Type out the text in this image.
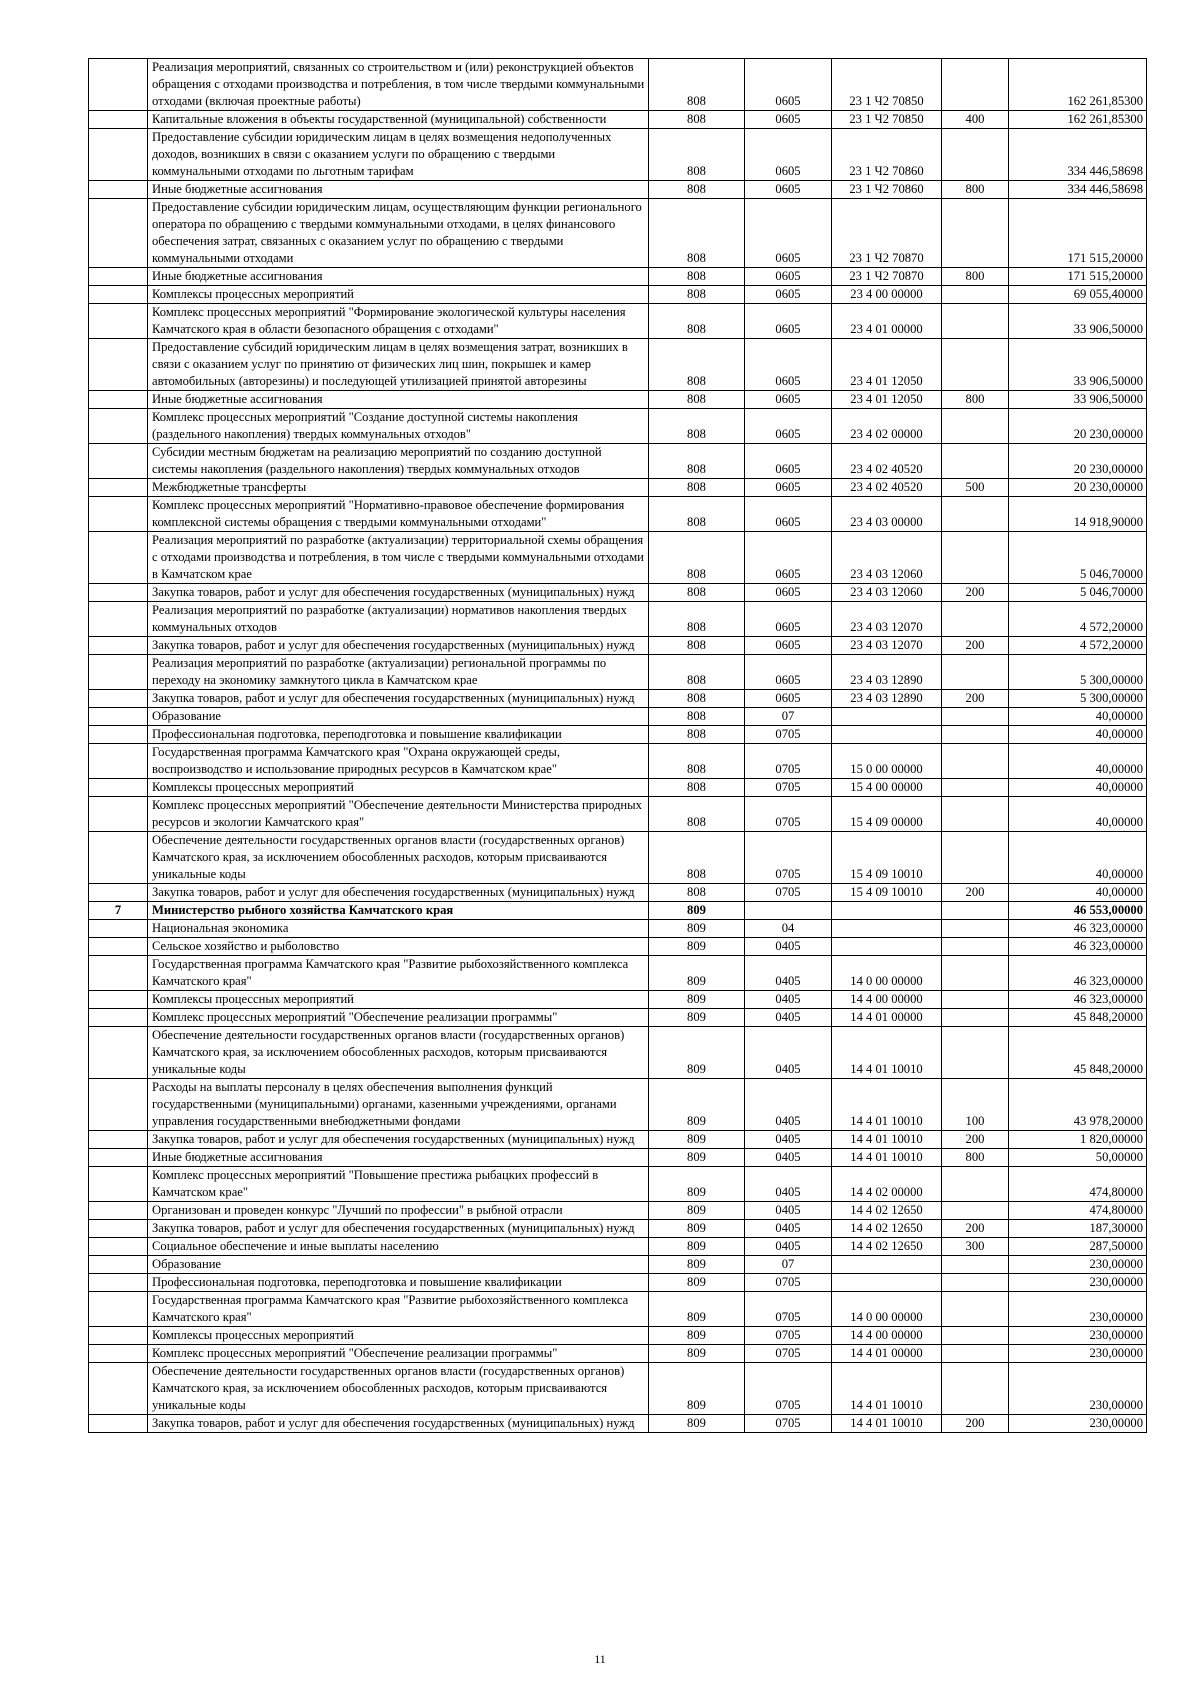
	Реализация мероприятий, связанных со строительством и (или) реконструкцией объектов обращения с отходами производства и потребления, в том числе твердыми коммунальными отходами (включая проектные работы)	808	0605	23 1 Ч2 70850		162 261,85300
	Капитальные вложения в объекты государственной (муниципальной) собственности	808	0605	23 1 Ч2 70850	400	162 261,85300
	Предоставление субсидии юридическим лицам в целях возмещения недополученных доходов, возникших в связи с оказанием услуги по обращению с твердыми коммунальными отходами по льготным тарифам	808	0605	23 1 Ч2 70860		334 446,58698
	Иные бюджетные ассигнования	808	0605	23 1 Ч2 70860	800	334 446,58698
	Предоставление субсидии юридическим лицам, осуществляющим функции регионального оператора по обращению с твердыми коммунальными отходами, в целях финансового обеспечения затрат, связанных с оказанием услуг по обращению с твердыми коммунальными отходами	808	0605	23 1 Ч2 70870		171 515,20000
	Иные бюджетные ассигнования	808	0605	23 1 Ч2 70870	800	171 515,20000
	Комплексы процессных мероприятий	808	0605	23 4 00 00000		69 055,40000
	Комплекс процессных мероприятий "Формирование экологической культуры населения Камчатского края в области безопасного обращения с отходами"	808	0605	23 4 01 00000		33 906,50000
	Предоставление субсидий юридическим лицам в целях возмещения затрат, возникших в связи с оказанием услуг по принятию от физических лиц шин, покрышек и камер автомобильных (авторезины) и последующей утилизацией принятой авторезины	808	0605	23 4 01 12050		33 906,50000
	Иные бюджетные ассигнования	808	0605	23 4 01 12050	800	33 906,50000
	Комплекс процессных мероприятий "Создание доступной системы накопления (раздельного накопления) твердых коммунальных отходов"	808	0605	23 4 02 00000		20 230,00000
	Субсидии местным бюджетам на реализацию мероприятий по созданию доступной системы накопления (раздельного накопления) твердых коммунальных отходов	808	0605	23 4 02 40520		20 230,00000
	Межбюджетные трансферты	808	0605	23 4 02 40520	500	20 230,00000
	Комплекс процессных мероприятий "Нормативно-правовое обеспечение формирования комплексной системы обращения с твердыми коммунальными отходами"	808	0605	23 4 03 00000		14 918,90000
	Реализация мероприятий по разработке (актуализации) территориальной схемы обращения с отходами производства и потребления, в том числе с твердыми коммунальными отходами в Камчатском крае	808	0605	23 4 03 12060		5 046,70000
	Закупка товаров, работ и услуг для обеспечения государственных (муниципальных) нужд	808	0605	23 4 03 12060	200	5 046,70000
	Реализация мероприятий по разработке (актуализации) нормативов накопления твердых коммунальных отходов	808	0605	23 4 03 12070		4 572,20000
	Закупка товаров, работ и услуг для обеспечения государственных (муниципальных) нужд	808	0605	23 4 03 12070	200	4 572,20000
	Реализация мероприятий по разработке (актуализации) региональной программы по переходу на экономику замкнутого цикла в Камчатском крае	808	0605	23 4 03 12890		5 300,00000
	Закупка товаров, работ и услуг для обеспечения государственных (муниципальных) нужд	808	0605	23 4 03 12890	200	5 300,00000
	Образование	808	07			40,00000
	Профессиональная подготовка, переподготовка и повышение квалификации	808	0705			40,00000
	Государственная программа Камчатского края "Охрана окружающей среды, воспроизводство и использование природных ресурсов в Камчатском крае"	808	0705	15 0 00 00000		40,00000
	Комплексы процессных мероприятий	808	0705	15 4 00 00000		40,00000
	Комплекс процессных мероприятий "Обеспечение деятельности Министерства природных ресурсов и экологии Камчатского края"	808	0705	15 4 09 00000		40,00000
	Обеспечение деятельности государственных органов власти (государственных органов) Камчатского края, за исключением обособленных расходов, которым присваиваются уникальные коды	808	0705	15 4 09 10010		40,00000
	Закупка товаров, работ и услуг для обеспечения государственных (муниципальных) нужд	808	0705	15 4 09 10010	200	40,00000
7	Министерство рыбного хозяйства Камчатского края	809				46 553,00000
	Национальная экономика	809	04			46 323,00000
	Сельское хозяйство и рыболовство	809	0405			46 323,00000
	Государственная программа Камчатского края "Развитие рыбохозяйственного комплекса Камчатского края"	809	0405	14 0 00 00000		46 323,00000
	Комплексы процессных мероприятий	809	0405	14 4 00 00000		46 323,00000
	Комплекс процессных мероприятий "Обеспечение реализации программы"	809	0405	14 4 01 00000		45 848,20000
	Обеспечение деятельности государственных органов власти (государственных органов) Камчатского края, за исключением обособленных расходов, которым присваиваются уникальные коды	809	0405	14 4 01 10010		45 848,20000
	Расходы на выплаты персоналу в целях обеспечения выполнения функций государственными (муниципальными) органами, казенными учреждениями, органами управления государственными внебюджетными фондами	809	0405	14 4 01 10010	100	43 978,20000
	Закупка товаров, работ и услуг для обеспечения государственных (муниципальных) нужд	809	0405	14 4 01 10010	200	1 820,00000
	Иные бюджетные ассигнования	809	0405	14 4 01 10010	800	50,00000
	Комплекс процессных мероприятий "Повышение престижа рыбацких профессий в Камчатском крае"	809	0405	14 4 02 00000		474,80000
	Организован и проведен конкурс "Лучший по профессии" в рыбной отрасли	809	0405	14 4 02 12650		474,80000
	Закупка товаров, работ и услуг для обеспечения государственных (муниципальных) нужд	809	0405	14 4 02 12650	200	187,30000
	Социальное обеспечение и иные выплаты населению	809	0405	14 4 02 12650	300	287,50000
	Образование	809	07			230,00000
	Профессиональная подготовка, переподготовка и повышение квалификации	809	0705			230,00000
	Государственная программа Камчатского края "Развитие рыбохозяйственного комплекса Камчатского края"	809	0705	14 0 00 00000		230,00000
	Комплексы процессных мероприятий	809	0705	14 4 00 00000		230,00000
	Комплекс процессных мероприятий "Обеспечение реализации программы"	809	0705	14 4 01 00000		230,00000
	Обеспечение деятельности государственных органов власти (государственных органов) Камчатского края, за исключением обособленных расходов, которым присваиваются уникальные коды	809	0705	14 4 01 10010		230,00000
	Закупка товаров, работ и услуг для обеспечения государственных (муниципальных) нужд	809	0705	14 4 01 10010	200	230,00000
11
